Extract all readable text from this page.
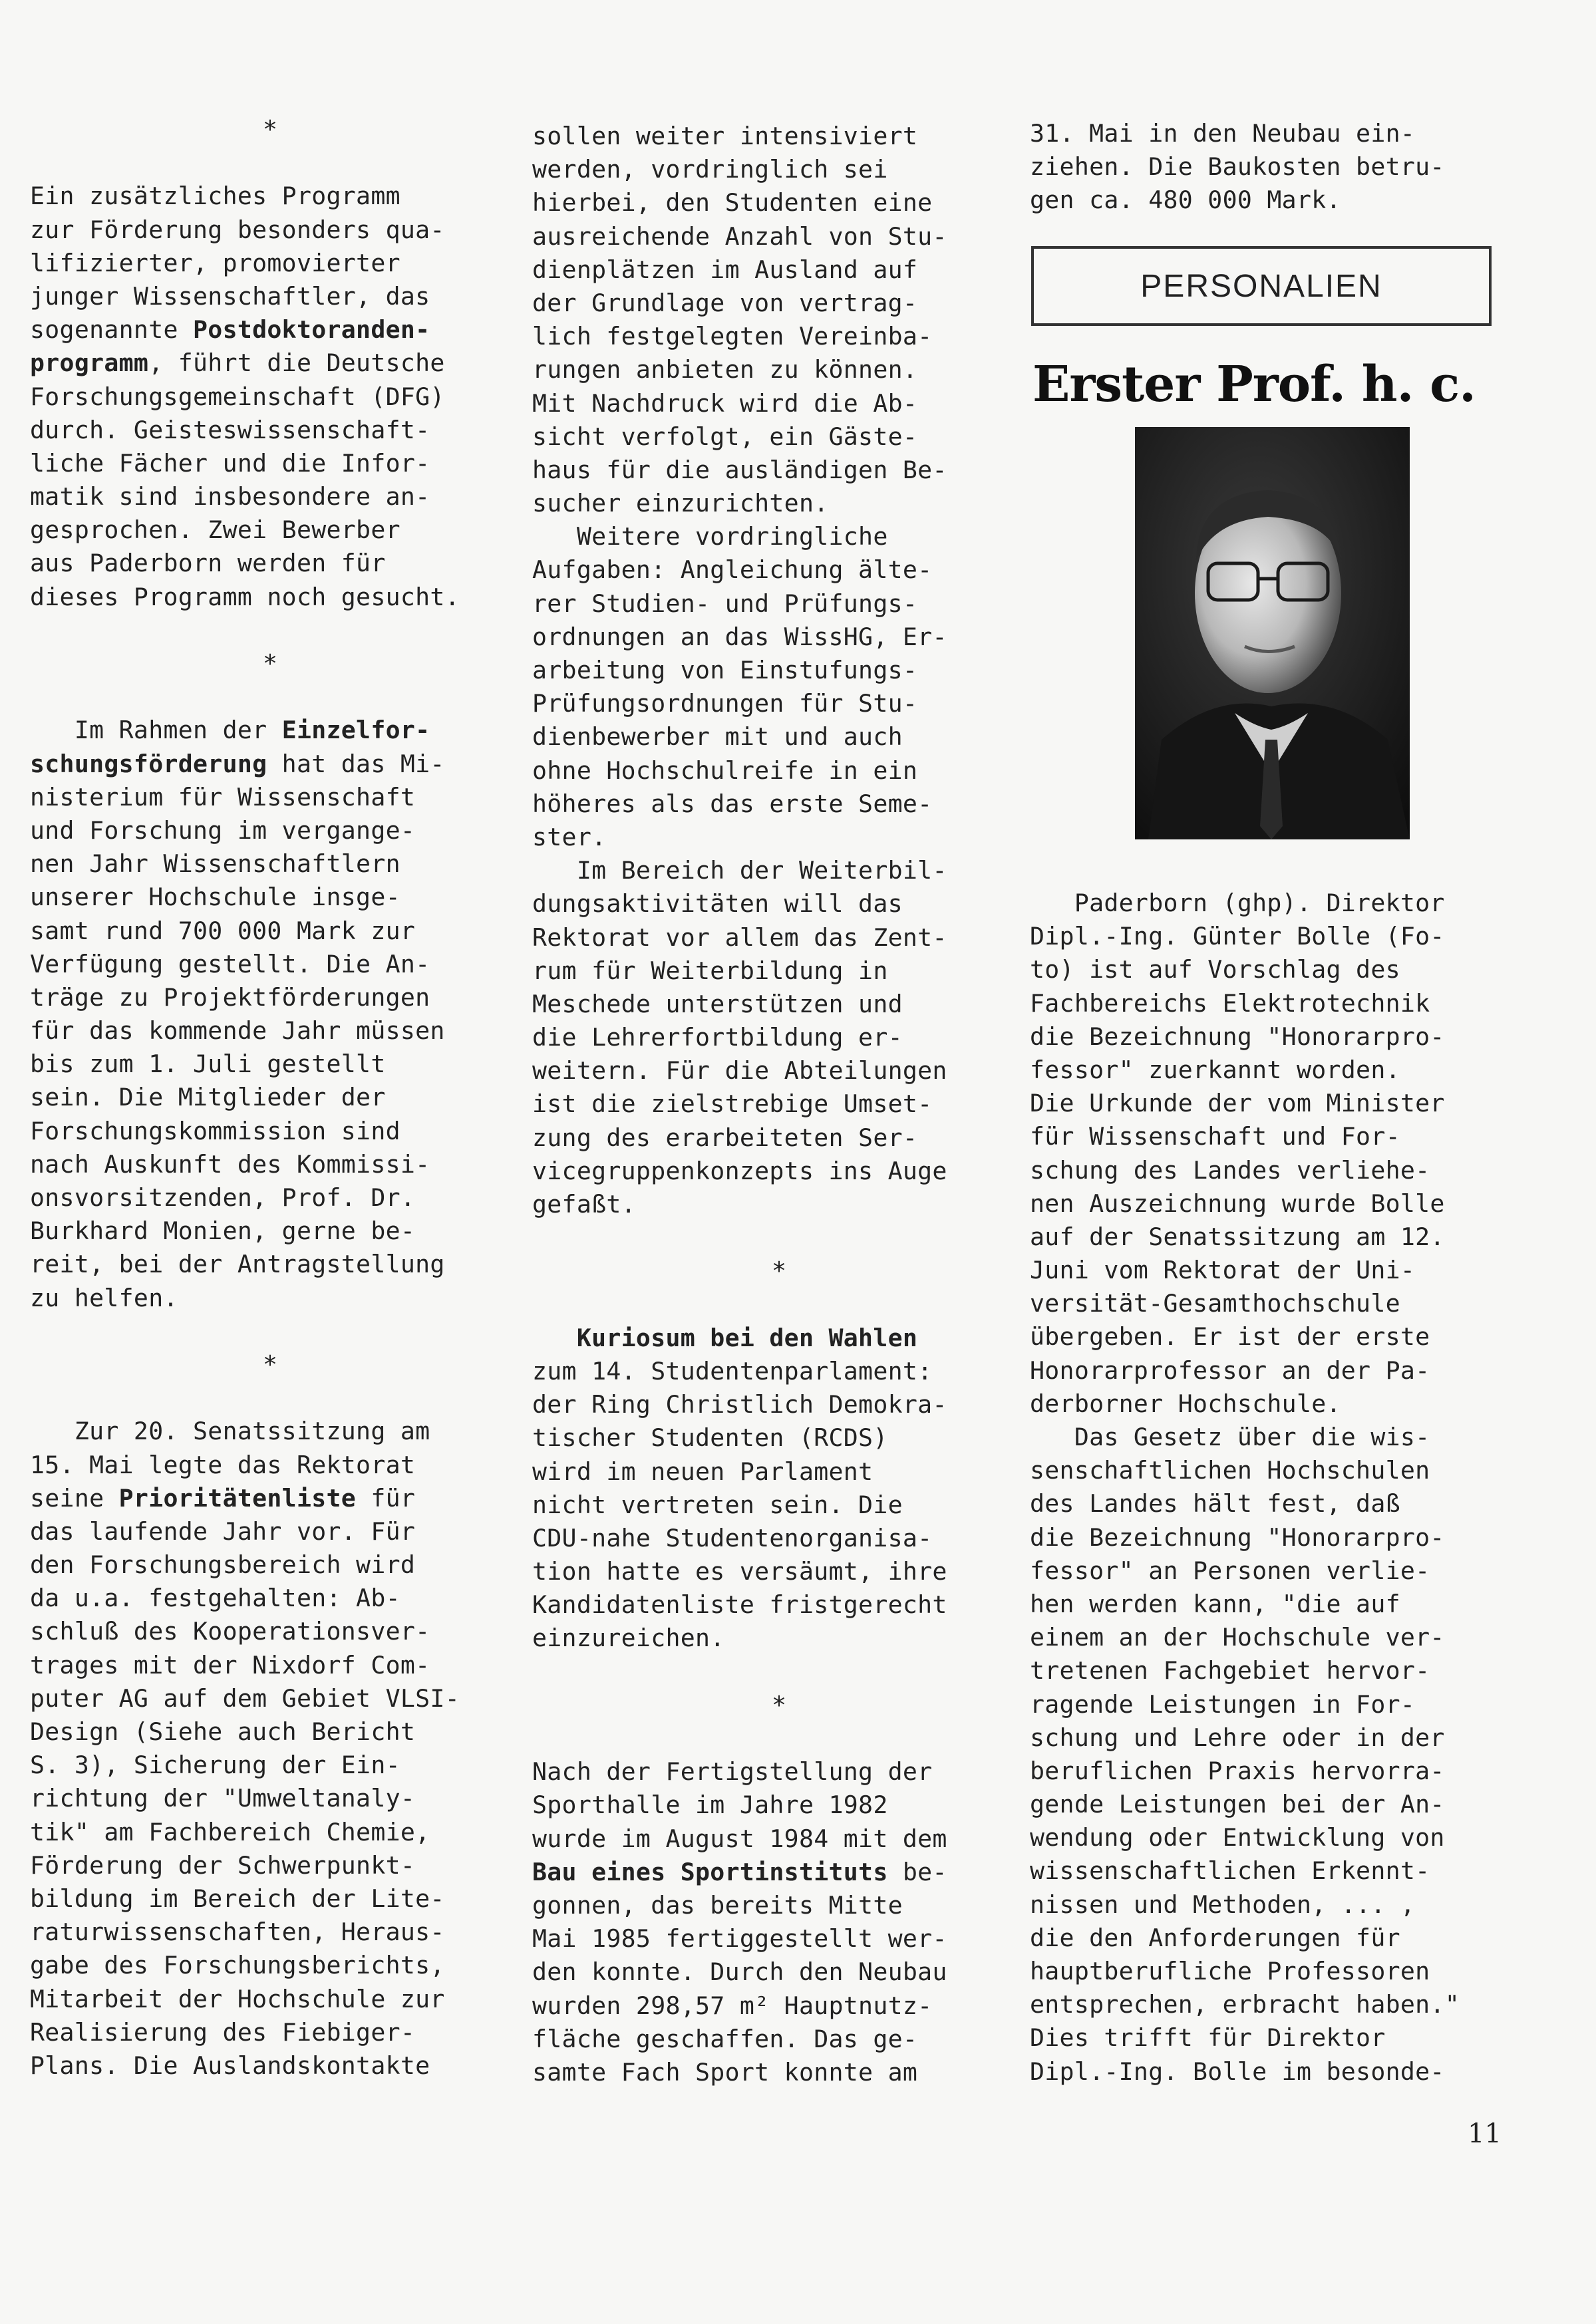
*
Ein zusätzliches Programm
zur Förderung besonders qua-
lifizierter, promovierter
junger Wissenschaftler, das
sogenannte Postdoktoranden-
programm, führt die Deutsche
Forschungsgemeinschaft (DFG)
durch. Geisteswissenschaft-
liche Fächer und die Infor-
matik sind insbesondere an-
gesprochen. Zwei Bewerber
aus Paderborn werden für
dieses Programm noch gesucht.
*
Im Rahmen der Einzelfor-
schungsförderung hat das Mi-
nisterium für Wissenschaft
und Forschung im vergange-
nen Jahr Wissenschaftlern
unserer Hochschule insge-
samt rund 700 000 Mark zur
Verfügung gestellt. Die An-
träge zu Projektförderungen
für das kommende Jahr müssen
bis zum 1. Juli gestellt
sein. Die Mitglieder der
Forschungskommission sind
nach Auskunft des Kommissi-
onsvorsitzenden, Prof. Dr.
Burkhard Monien, gerne be-
reit, bei der Antragstellung
zu helfen.
*
Zur 20. Senatssitzung am
15. Mai legte das Rektorat
seine Prioritätenliste für
das laufende Jahr vor. Für
den Forschungsbereich wird
da u.a. festgehalten: Ab-
schluß des Kooperationsver-
trages mit der Nixdorf Com-
puter AG auf dem Gebiet VLSI-
Design (Siehe auch Bericht
S. 3), Sicherung der Ein-
richtung der "Umweltanaly-
tik" am Fachbereich Chemie,
Förderung der Schwerpunkt-
bildung im Bereich der Lite-
raturwissenschaften, Heraus-
gabe des Forschungsberichts,
Mitarbeit der Hochschule zur
Realisierung des Fiebiger-
Plans. Die Auslandskontakte
sollen weiter intensiviert
werden, vordringlich sei
hierbei, den Studenten eine
ausreichende Anzahl von Stu-
dienplätzen im Ausland auf
der Grundlage von vertrag-
lich festgelegten Vereinba-
rungen anbieten zu können.
Mit Nachdruck wird die Ab-
sicht verfolgt, ein Gäste-
haus für die ausländigen Be-
sucher einzurichten.
Weitere vordringliche
Aufgaben: Angleichung älte-
rer Studien- und Prüfungs-
ordnungen an das WissHG, Er-
arbeitung von Einstufungs-
Prüfungsordnungen für Stu-
dienbewerber mit und auch
ohne Hochschulreife in ein
höheres als das erste Seme-
ster.
Im Bereich der Weiterbil-
dungsaktivitäten will das
Rektorat vor allem das Zent-
rum für Weiterbildung in
Meschede unterstützen und
die Lehrerfortbildung er-
weitern. Für die Abteilungen
ist die zielstrebige Umset-
zung des erarbeiteten Ser-
vicegruppenkonzepts ins Auge
gefaßt.
*
Kuriosum bei den Wahlen
zum 14. Studentenparlament:
der Ring Christlich Demokra-
tischer Studenten (RCDS)
wird im neuen Parlament
nicht vertreten sein. Die
CDU-nahe Studentenorganisa-
tion hatte es versäumt, ihre
Kandidatenliste fristgerecht
einzureichen.
*
Nach der Fertigstellung der
Sporthalle im Jahre 1982
wurde im August 1984 mit dem
Bau eines Sportinstituts be-
gonnen, das bereits Mitte
Mai 1985 fertiggestellt wer-
den konnte. Durch den Neubau
wurden 298,57 m² Hauptnutz-
fläche geschaffen. Das ge-
samte Fach Sport konnte am
31. Mai in den Neubau ein-
ziehen. Die Baukosten betru-
gen ca. 480 000 Mark.
PERSONALIEN
Erster Prof. h. c.
Paderborn (ghp). Direktor
Dipl.-Ing. Günter Bolle (Fo-
to) ist auf Vorschlag des
Fachbereichs Elektrotechnik
die Bezeichnung "Honorarpro-
fessor" zuerkannt worden.
Die Urkunde der vom Minister
für Wissenschaft und For-
schung des Landes verliehe-
nen Auszeichnung wurde Bolle
auf der Senatssitzung am 12.
Juni vom Rektorat der Uni-
versität-Gesamthochschule
übergeben. Er ist der erste
Honorarprofessor an der Pa-
derborner Hochschule.
Das Gesetz über die wis-
senschaftlichen Hochschulen
des Landes hält fest, daß
die Bezeichnung "Honorarpro-
fessor" an Personen verlie-
hen werden kann, "die auf
einem an der Hochschule ver-
tretenen Fachgebiet hervor-
ragende Leistungen in For-
schung und Lehre oder in der
beruflichen Praxis hervorra-
gende Leistungen bei der An-
wendung oder Entwicklung von
wissenschaftlichen Erkennt-
nissen und Methoden, ... ,
die den Anforderungen für
hauptberufliche Professoren
entsprechen, erbracht haben."
Dies trifft für Direktor
Dipl.-Ing. Bolle im besonde-
11
